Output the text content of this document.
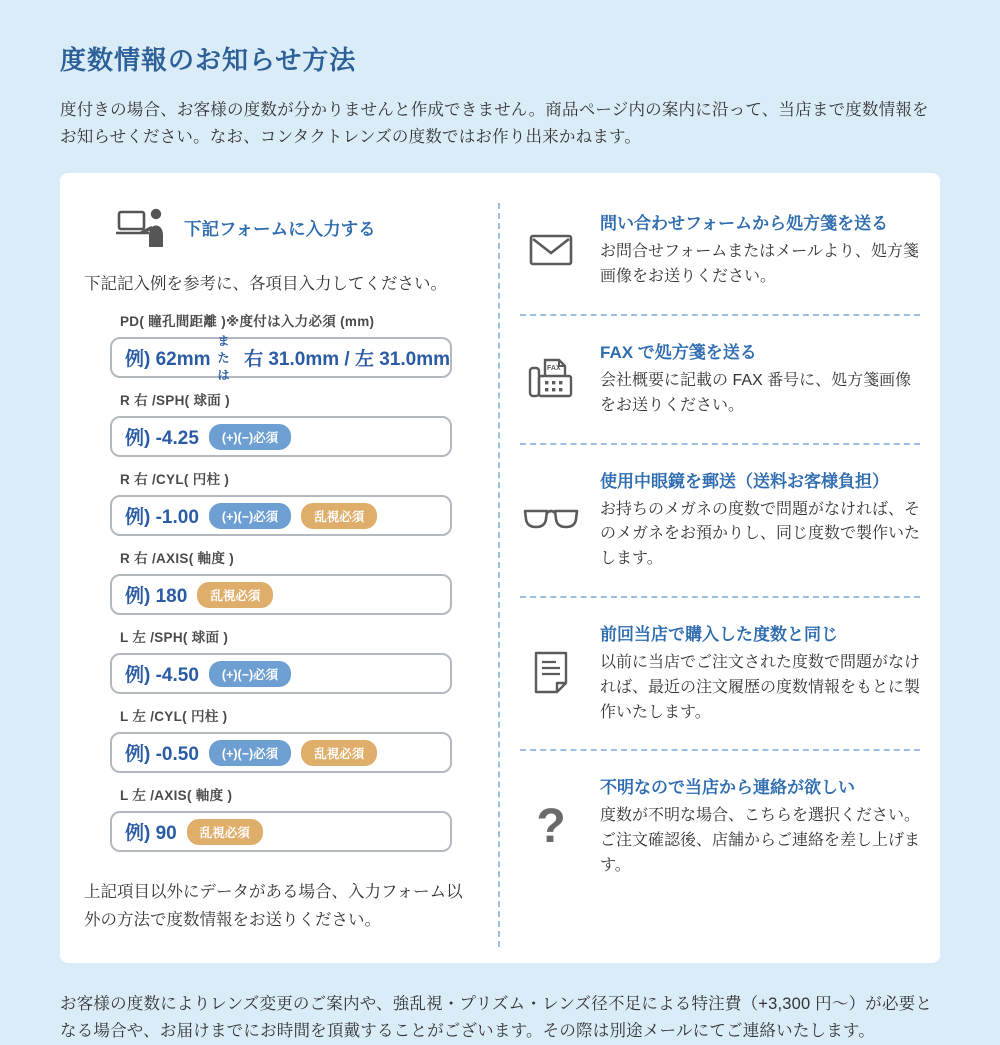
度数情報のお知らせ方法

度付きの場合、お客様の度数が分かりませんと作成できません。商品ページ内の案内に沿って、当店まで度数情報をお知らせください。なお、コンタクトレンズの度数ではお作り出来かねます。

下記フォームに入力する

下記記入例を参考に、各項目入力してください。

PD( 瞳孔間距離 )※度付は入力必須 (mm)
例) 62mm
または
右 31.0mm / 左 31.0mm
R 右 /SPH( 球面 )
例) -4.25	(+)(−)必須
R 右 /CYL( 円柱 )
例) -1.00	(+)(−)必須	乱視必須
R 右 /AXIS( 軸度 )
例) 180	乱視必須
L 左 /SPH( 球面 )
例) -4.50	(+)(−)必須
L 左 /CYL( 円柱 )
例) -0.50	(+)(−)必須	乱視必須
L 左 /AXIS( 軸度 )
例) 90	乱視必須

上記項目以外にデータがある場合、入力フォーム以外の方法で度数情報をお送りください。

問い合わせフォームから処方箋を送る
お問合せフォームまたはメールより、処方箋画像をお送りください。
FAX
FAX で処方箋を送る
会社概要に記載の FAX 番号に、処方箋画像をお送りください。
使用中眼鏡を郵送（送料お客様負担）
お持ちのメガネの度数で問題がなければ、そのメガネをお預かりし、同じ度数で製作いたします。
前回当店で購入した度数と同じ
以前に当店でご注文された度数で問題がなければ、最近の注文履歴の度数情報をもとに製作いたします。
?
不明なので当店から連絡が欲しい
度数が不明な場合、こちらを選択ください。ご注文確認後、店舗からご連絡を差し上げます。

お客様の度数によりレンズ変更のご案内や、強乱視・プリズム・レンズ径不足による特注費（+3,300 円～）が必要となる場合や、お届けまでにお時間を頂戴することがございます。その際は別途メールにてご連絡いたします。
